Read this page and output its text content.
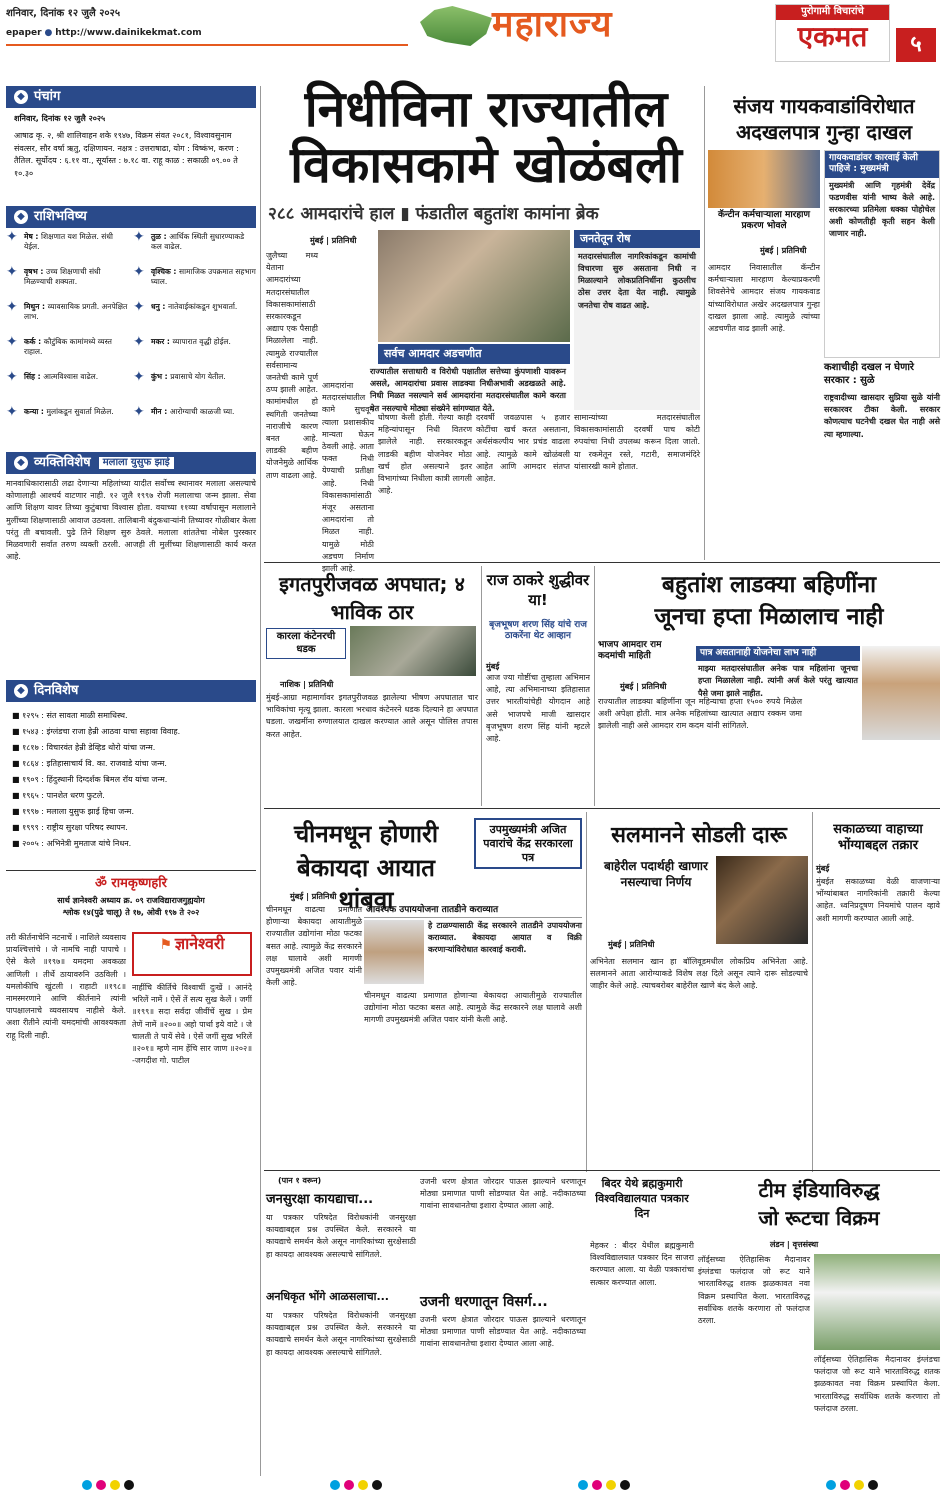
शनिवार, दिनांक १२ जुलै २०२५
epaper ● http://www.dainikekmat.com	महाराज्य	पुरोगामी विचारांचे
एकमत	५
◆ पंचांग
शनिवार, दिनांक १२ जुलै २०२५
आषाढ कृ. २, श्री शालिवाहन शके १९४७, विक्रम संवत २०८१, विश्वावसुनाम संवत्सर, सौर वर्षा ऋतु, दक्षिणायन. नक्षत्र : उत्तराषाढा, योग : विष्कंभ, करण : तैतिल. सूर्योदय : ६.११ वा., सूर्यास्त : ७.१८ वा. राहू काळ : सकाळी ०९.०० ते १०.३०
◆ राशिभविष्य
✦ मेष : शिक्षणात यश मिळेल. संधी येईल.
✦ तुळ : आर्थिक स्थिती सुधारण्याकडे कल वाढेल.
✦ वृषभ : उच्च शिक्षणाची संधी मिळण्याची शक्यता.
✦ वृश्चिक : सामाजिक उपक्रमात सहभाग घ्याल.
✦ मिथुन : व्यावसायिक प्रगती. अनपेक्षित लाभ.
✦ धनु : नातेवाईकांकडून शुभवार्ता.
✦ कर्क : कौटुंबिक कामांमध्ये व्यस्त राहाल.
✦ मकर : व्यापारात वृद्धी होईल.
✦ सिंह : आत्मविश्वास वाढेल. ✦ कुंभ : प्रवासाचे योग येतील.
✦ कन्या : मुलांकडून सुवार्ता मिळेल. ✦ मीन : आरोग्याची काळजी घ्या.
◆ व्यक्तिविशेष	मलाला युसुफ झाई
मानवाधिकारासाठी लढा देणाऱ्या महिलांच्या यादीत सर्वोच्च स्थानावर मलाला असल्याचे कोणालाही आश्चर्य वाटणार नाही. १२ जुलै १९९७ रोजी मलालाचा जन्म झाला. सेवा आणि शिक्षण यावर तिच्या कुटुंबाचा विश्वास होता. वयाच्या ११व्या वर्षापासून मलालाने मुलींच्या शिक्षणासाठी आवाज उठवला. तालिबानी बंदुकधाऱ्यांनी तिच्यावर गोळीबार केला परंतु ती बचावली. पुढे तिने शिक्षण सुरु ठेवले. मलाला शांततेचा नोबेल पुरस्कार मिळवणारी सर्वात तरुण व्यक्ती ठरली. आजही ती मुलींच्या शिक्षणासाठी कार्य करत आहे.
◆ दिनविशेष
■ १२९५ : संत सावता माळी समाधिस्थ.
■ १५४३ : इंग्लंडचा राजा हेन्री आठवा याचा सहावा विवाह.
■ १८१७ : विचारवंत हेन्री डेव्हिड थोरो यांचा जन्म.
■ १८६४ : इतिहासाचार्य वि. का. राजवाडे यांचा जन्म.
■ १९०९ : हिंदुस्थानी दिग्दर्शक बिमल रॉय यांचा जन्म.
■ १९६५ : पानशेत धरण फुटले.
■ १९९७ : मलाला युसुफ झाई हिचा जन्म.
■ १९९९ : राष्ट्रीय सुरक्षा परिषद स्थापन.
■ २००५ : अभिनेत्री मुमताज यांचे निधन.
ॐ रामकृष्णहरि
सार्थ ज्ञानेश्वरी अध्याय क्र. ०९ राजविद्याराजगुह्ययोग
श्लोक १४(पुढे चालू) ते १७, ओवी १९७ ते २०२
तरी कीर्तनाचेनि नटनाचें । नाशिले व्यवसाय प्रायश्चित्तांचे । जे नामचि नाही पापाचे । ऐसे केले ॥१९७॥ यमदमा अवकळा आणिली । तीर्थे ठायावरुनि उठविली । यमलोकीचि खुंटली । राहाटी ॥१९८॥ नामस्मरणाने आणि कीर्तनाने त्यांनी पापक्षालनाचे व्यवसायच नाहीसे केले. अशा रीतीने त्यांनी यमदमांची आवश्यकता राहू दिली नाही.
⚑ ज्ञानेश्वरी
नाहींचि कीर्तिचे विश्वाचीं दुःखें । आनंदे भरिलें नामें । ऐसें तें सत्य सुख केलें । जगीं ॥१९९॥ सदा सर्वदा जीवींचें सुख । प्रेम तेणें नामें ॥२००॥ अहो पार्था इये वाटे । जे चालती ते पायें सेवे । ऐसें जगीं सुख भरिलें ॥२०१॥ म्हणे नाम हेंचि सार जाण ॥२०२॥ -जगदीश गो. पाटील
निधीविना राज्यातील
विकासकामे खोळंबली
२८८ आमदारांचे हाल ▮ फंडातील बहुतांश कामांना ब्रेक
मुंबई | प्रतिनिधी
जुलैच्या मध्य येताना आमदारांच्या मतदारसंघातील विकासकामांसाठी सरकारकडून अद्याप एक पैसाही मिळालेला नाही. त्यामुळे राज्यातील सर्वसामान्य जनतेची कामे पूर्ण ठप्प झाली आहेत. कामांमधील हो स्थगिती जनतेच्या नाराजीचे कारण बनत आहे. लाडकी बहीण योजनेमुळे आर्थिक ताण वाढला आहे.
आमदारांना मतदारसंघातील कामे सुचवून त्याला प्रशासकीय मान्यता घेऊन ठेवली आहे. आता फक्त निधी येण्याची प्रतीक्षा आहे. निधी विकासकामांसाठी मंजूर असताना आमदारांना तो मिळत नाही. यामुळे मोठी अडचण निर्माण झाली आहे.
सर्वच आमदार अडचणीत
राज्यातील सत्ताधारी व विरोधी पक्षातील सत्तेच्या कुंपणाशी यावरून असले, आमदारांचा प्रवास लाडक्या निधीअभावी अडखळते आहे. निधी मिळत नसल्याने सर्व आमदारांना मतदारसंघातील कामे करता येत नसल्याचे मोठ्या संख्येने सांगण्यात येते.
घोषणा केली होती. गेल्या काही महिन्यांपासून निधी वितरण झालेले नाही. सरकारकडून लाडकी बहीण योजनेवर मोठा खर्च होत असल्याने इतर विभागांच्या निधीला कात्री लागली आहे.
दरवर्षी जवळपास ५ हजार कोटींचा खर्च करत असताना, अर्थसंकल्पीय भार प्रचंड वाढला आहे. त्यामुळे कामे खोळंबली आहेत आणि आमदार संतप्त आहेत.
जनतेतून रोष
मतदारसंघातील नागरिकांकडून कामांची विचारणा सुरु असताना निधी न मिळाल्याने लोकप्रतिनिधींना कुठलीच ठोस उत्तर देता येत नाही. त्यामुळे जनतेचा रोष वाढत आहे.
सामान्यांच्या मतदारसंघातील विकासकामांसाठी दरवर्षी पाच कोटी रुपयांचा निधी उपलब्ध करून दिला जातो. या रकमेतून रस्ते, गटारी, समाजमंदिरे यांसारखी कामे होतात.
संजय गायकवाडांविरोधात
अदखलपात्र गुन्हा दाखल
कॅन्टीन कर्मचाऱ्याला मारहाण प्रकरण भोवले
मुंबई | प्रतिनिधी
आमदार निवासातील कॅन्टीन कर्मचाऱ्याला मारहाण केल्याप्रकरणी शिवसेनेचे आमदार संजय गायकवाड यांच्याविरोधात अखेर अदखलपात्र गुन्हा दाखल झाला आहे. त्यामुळे त्यांच्या अडचणीत वाढ झाली आहे.
गायकवाडांवर कारवाई केली पाहिजे : मुख्यमंत्री
मुख्यमंत्री आणि गृहमंत्री देवेंद्र फडणवीस यांनी भाष्य केले आहे. सरकारच्या प्रतिमेला धक्का पोहोचेल अशी कोणतीही कृती सहन केली जाणार नाही.
कशाचीही दखल न घेणारे सरकार : सुळे
राष्ट्रवादीच्या खासदार सुप्रिया सुळे यांनी सरकारवर टीका केली. सरकार कोणत्याच घटनेची दखल घेत नाही असे त्या म्हणाल्या.
इगतपुरीजवळ अपघात; ४ भाविक ठार
कारला कंटेनरची धडक
नाशिक | प्रतिनिधी
मुंबई-आग्रा महामार्गावर इगतपुरीजवळ झालेल्या भीषण अपघातात चार भाविकांचा मृत्यू झाला. कारला भरधाव कंटेनरने धडक दिल्याने हा अपघात घडला. जखमींना रुग्णालयात दाखल करण्यात आले असून पोलिस तपास करत आहेत.
राज ठाकरे शुद्धीवर या!
बृजभूषण शरण सिंह यांचे राज ठाकरेंना थेट आव्हान
मुंबई
आज ज्या गोष्टींचा तुम्हाला अभिमान आहे, त्या अभिमानाच्या इतिहासात उत्तर भारतीयांचेही योगदान आहे असे भाजपचे माजी खासदार बृजभूषण शरण सिंह यांनी म्हटले आहे.
बहुतांश लाडक्या बहिणींना
जूनचा हप्ता मिळालाच नाही
भाजप आमदार राम कदमांची माहिती
मुंबई | प्रतिनिधी
राज्यातील लाडक्या बहिणींना जून महिन्याचा हप्ता १५०० रुपये मिळेल अशी अपेक्षा होती. मात्र अनेक महिलांच्या खात्यात अद्याप रक्कम जमा झालेली नाही असे आमदार राम कदम यांनी सांगितले.
पात्र असतानाही योजनेचा लाभ नाही
माझ्या मतदारसंघातील अनेक पात्र महिलांना जूनचा हप्ता मिळालेला नाही. त्यांनी अर्ज केले परंतु खात्यात पैसे जमा झाले नाहीत.
चीनमधून होणारी
बेकायदा आयात थांबवा
उपमुख्यमंत्री अजित पवारांचे केंद्र सरकारला पत्र
मुंबई | प्रतिनिधी
आवश्यक उपाययोजना तातडीने कराव्यात
हे टाळण्यासाठी केंद्र सरकारने तातडीने उपाययोजना कराव्यात. बेकायदा आयात व विक्री करणाऱ्यांविरोधात कारवाई करावी.
चीनमधून वाढत्या प्रमाणात होणाऱ्या बेकायदा आयातीमुळे राज्यातील उद्योगांना मोठा फटका बसत आहे. त्यामुळे केंद्र सरकारने लक्ष घालावे अशी मागणी उपमुख्यमंत्री अजित पवार यांनी केली आहे.
चीनमधून वाढत्या प्रमाणात होणाऱ्या बेकायदा आयातीमुळे राज्यातील उद्योगांना मोठा फटका बसत आहे. त्यामुळे केंद्र सरकारने लक्ष घालावे अशी मागणी उपमुख्यमंत्री अजित पवार यांनी केली आहे.
सलमानने सोडली दारू
बाहेरील पदार्थही खाणार नसल्याचा निर्णय
मुंबई | प्रतिनिधी
अभिनेता सलमान खान हा बॉलिवूडमधील लोकप्रिय अभिनेता आहे. सलमानने आता आरोग्याकडे विशेष लक्ष दिले असून त्याने दारू सोडल्याचे जाहीर केले आहे. त्याचबरोबर बाहेरील खाणे बंद केले आहे.
सकाळच्या वाहाच्या भोंग्याबद्दल तक्रार
मुंबई
मुंबईत सकाळच्या वेळी वाजणाऱ्या भोंग्यांबाबत नागरिकांनी तक्रारी केल्या आहेत. ध्वनिप्रदूषण नियमांचे पालन व्हावे अशी मागणी करण्यात आली आहे.
(पान १ वरून)
जनसुरक्षा कायद्याचा...
या पत्रकार परिषदेत विरोधकांनी जनसुरक्षा कायद्याबद्दल प्रश्न उपस्थित केले. सरकारने या कायद्याचे समर्थन केले असून नागरिकांच्या सुरक्षेसाठी हा कायदा आवश्यक असल्याचे सांगितले.
अनधिकृत भोंगे आळसलाचा...
या पत्रकार परिषदेत विरोधकांनी जनसुरक्षा कायद्याबद्दल प्रश्न उपस्थित केले. सरकारने या कायद्याचे समर्थन केले असून नागरिकांच्या सुरक्षेसाठी हा कायदा आवश्यक असल्याचे सांगितले.
उजनी धरण क्षेत्रात जोरदार पाऊस झाल्याने धरणातून मोठ्या प्रमाणात पाणी सोडण्यात येत आहे. नदीकाठच्या गावांना सावधानतेचा इशारा देण्यात आला आहे.
उजनी धरणातून विसर्ग...
उजनी धरण क्षेत्रात जोरदार पाऊस झाल्याने धरणातून मोठ्या प्रमाणात पाणी सोडण्यात येत आहे. नदीकाठच्या गावांना सावधानतेचा इशारा देण्यात आला आहे.
बिदर येथे ब्रह्मकुमारी विश्वविद्यालयात पत्रकार दिन
मेहकर : बीदर येथील ब्रह्मकुमारी विश्वविद्यालयात पत्रकार दिन साजरा करण्यात आला. या वेळी पत्रकारांचा सत्कार करण्यात आला.
टीम इंडियाविरुद्ध
जो रूटचा विक्रम
लंडन | वृत्तसंस्था
लॉर्ड्सच्या ऐतिहासिक मैदानावर इंग्लंडचा फलंदाज जो रूट याने भारताविरुद्ध शतक झळकावत नवा विक्रम प्रस्थापित केला. भारताविरुद्ध सर्वाधिक शतके करणारा तो फलंदाज ठरला.
लॉर्ड्सच्या ऐतिहासिक मैदानावर इंग्लंडचा फलंदाज जो रूट याने भारताविरुद्ध शतक झळकावत नवा विक्रम प्रस्थापित केला. भारताविरुद्ध सर्वाधिक शतके करणारा तो फलंदाज ठरला.
